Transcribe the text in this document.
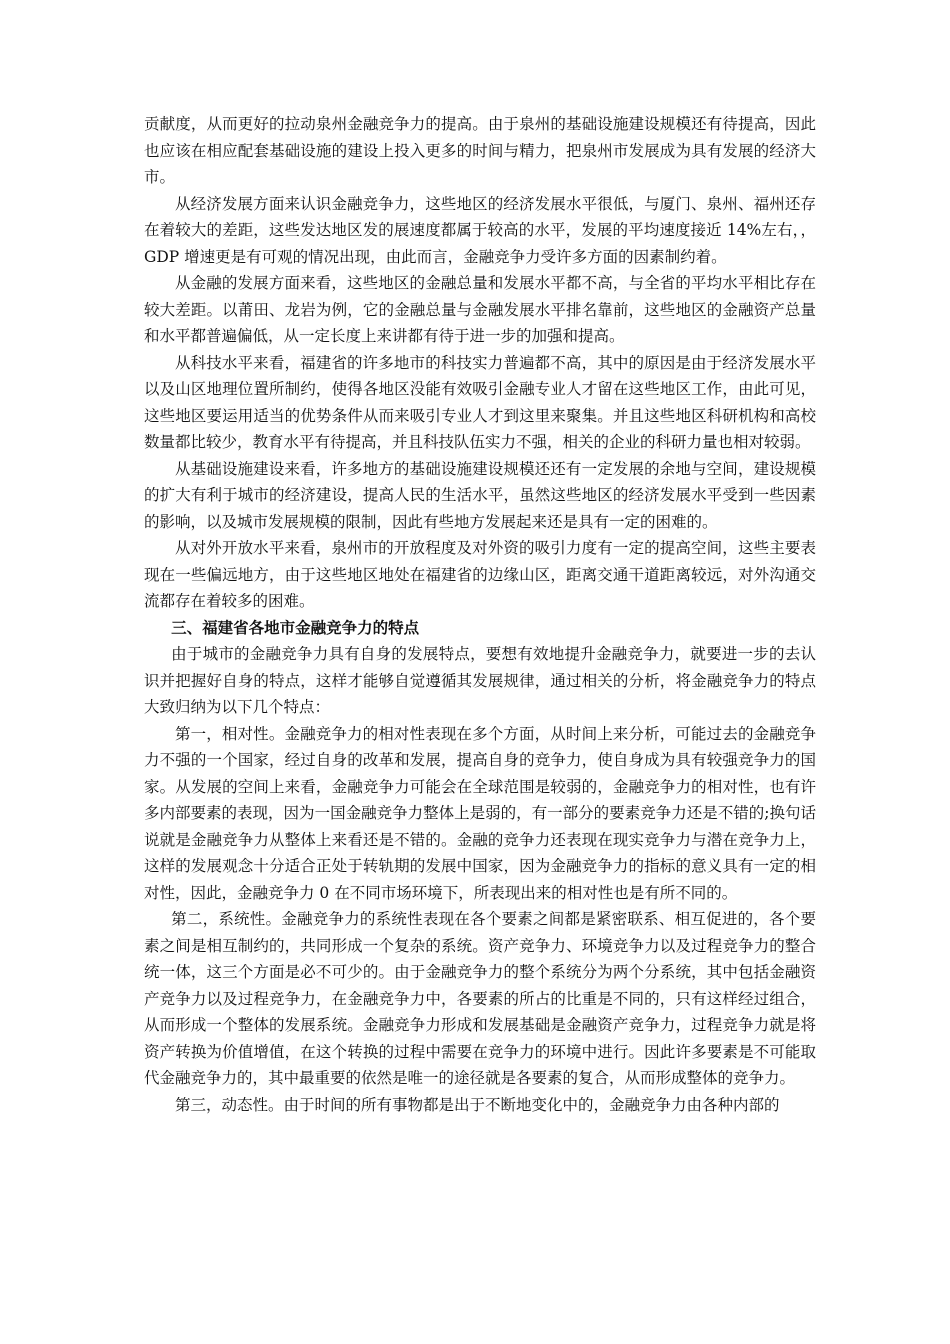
贡献度，从而更好的拉动泉州金融竞争力的提高。由于泉州的基础设施建设规模还有待提高，因此也应该在相应配套基础设施的建设上投入更多的时间与精力，把泉州市发展成为具有发展的经济大市。

从经济发展方面来认识金融竞争力，这些地区的经济发展水平很低，与厦门、泉州、福州还存在着较大的差距，这些发达地区发的展速度都属于较高的水平，发展的平均速度接近 14%左右，， GDP 增速更是有可观的情况出现，由此而言，金融竞争力受许多方面的因素制约着。

从金融的发展方面来看，这些地区的金融总量和发展水平都不高，与全省的平均水平相比存在较大差距。以莆田、龙岩为例，它的金融总量与金融发展水平排名靠前，这些地区的金融资产总量和水平都普遍偏低，从一定长度上来讲都有待于进一步的加强和提高。

从科技水平来看，福建省的许多地市的科技实力普遍都不高，其中的原因是由于经济发展水平以及山区地理位置所制约，使得各地区没能有效吸引金融专业人才留在这些地区工作，由此可见，这些地区要运用适当的优势条件从而来吸引专业人才到这里来聚集。并且这些地区科研机构和高校数量都比较少，教育水平有待提高，并且科技队伍实力不强，相关的企业的科研力量也相对较弱。

从基础设施建设来看，许多地方的基础设施建设规模还还有一定发展的余地与空间，建设规模的扩大有利于城市的经济建设，提高人民的生活水平，虽然这些地区的经济发展水平受到一些因素的影响，以及城市发展规模的限制，因此有些地方发展起来还是具有一定的困难的。

从对外开放水平来看，泉州市的开放程度及对外资的吸引力度有一定的提高空间，这些主要表现在一些偏远地方，由于这些地区地处在福建省的边缘山区，距离交通干道距离较远，对外沟通交流都存在着较多的困难。

三、福建省各地市金融竞争力的特点

由于城市的金融竞争力具有自身的发展特点，要想有效地提升金融竞争力，就要进一步的去认识并把握好自身的特点，这样才能够自觉遵循其发展规律，通过相关的分析，将金融竞争力的特点大致归纳为以下几个特点：

第一，相对性。金融竞争力的相对性表现在多个方面，从时间上来分析，可能过去的金融竞争力不强的一个国家，经过自身的改革和发展，提高自身的竞争力，使自身成为具有较强竞争力的国家。从发展的空间上来看，金融竞争力可能会在全球范围是较弱的，金融竞争力的相对性，也有许多内部要素的表现，因为一国金融竞争力整体上是弱的，有一部分的要素竞争力还是不错的;换句话说就是金融竞争力从整体上来看还是不错的。金融的竞争力还表现在现实竞争力与潜在竞争力上，这样的发展观念十分适合正处于转轨期的发展中国家，因为金融竞争力的指标的意义具有一定的相对性，因此，金融竞争力 0 在不同市场环境下，所表现出来的相对性也是有所不同的。

第二，系统性。金融竞争力的系统性表现在各个要素之间都是紧密联系、相互促进的，各个要素之间是相互制约的，共同形成一个复杂的系统。资产竞争力、环境竞争力以及过程竞争力的整合统一体，这三个方面是必不可少的。由于金融竞争力的整个系统分为两个分系统，其中包括金融资产竞争力以及过程竞争力，在金融竞争力中，各要素的所占的比重是不同的，只有这样经过组合，从而形成一个整体的发展系统。金融竞争力形成和发展基础是金融资产竞争力，过程竞争力就是将资产转换为价值增值，在这个转换的过程中需要在竞争力的环境中进行。因此许多要素是不可能取代金融竞争力的，其中最重要的依然是唯一的途径就是各要素的复合，从而形成整体的竞争力。

第三，动态性。由于时间的所有事物都是出于不断地变化中的，金融竞争力由各种内部的
